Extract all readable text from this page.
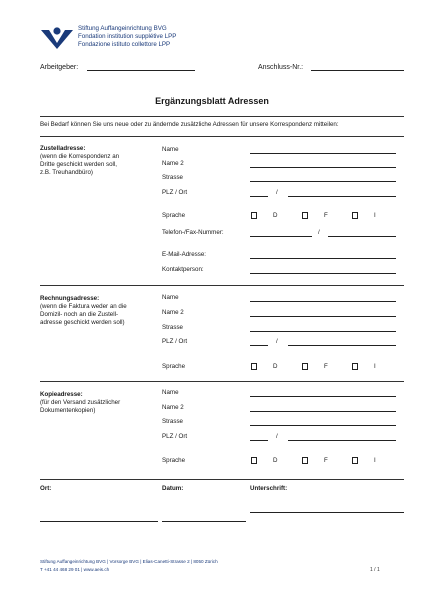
Stiftung Auffangeinrichtung BVG
Fondation institution supplétive LPP
Fondazione istituto collettore LPP
Arbeitgeber:	Anschluss-Nr.:
Ergänzungsblatt Adressen
Bei Bedarf können Sie uns neue oder zu ändernde zusätzliche Adressen für unsere Korrespondenz mitteilen:
Zustelladresse:
(wenn die Korrespondenz an
Dritte geschickt werden soll,
z.B. Treuhandbüro)
Name
Name 2
Strasse
PLZ / Ort	/
Sprache	D	F	I
Telefon-/Fax-Nummer:	/
E-Mail-Adresse:
Kontaktperson:
Rechnungsadresse:
(wenn die Faktura weder an die
Domizil- noch an die Zustell-
adresse geschickt werden soll)
Name
Name 2
Strasse
PLZ / Ort	/
Sprache	D	F	I
Kopieadresse:
(für den Versand zusätzlicher
Dokumentenkopien)
Name
Name 2
Strasse
PLZ / Ort	/
Sprache	D	F	I
Ort:	Datum:	Unterschrift:
Stiftung Auffangeinrichtung BVG | Vorsorge BVG | Elias-Canetti-Strasse 2 | 8050 Zürich
T +41 44 468 29 01 | www.aeis.ch	1 / 1
